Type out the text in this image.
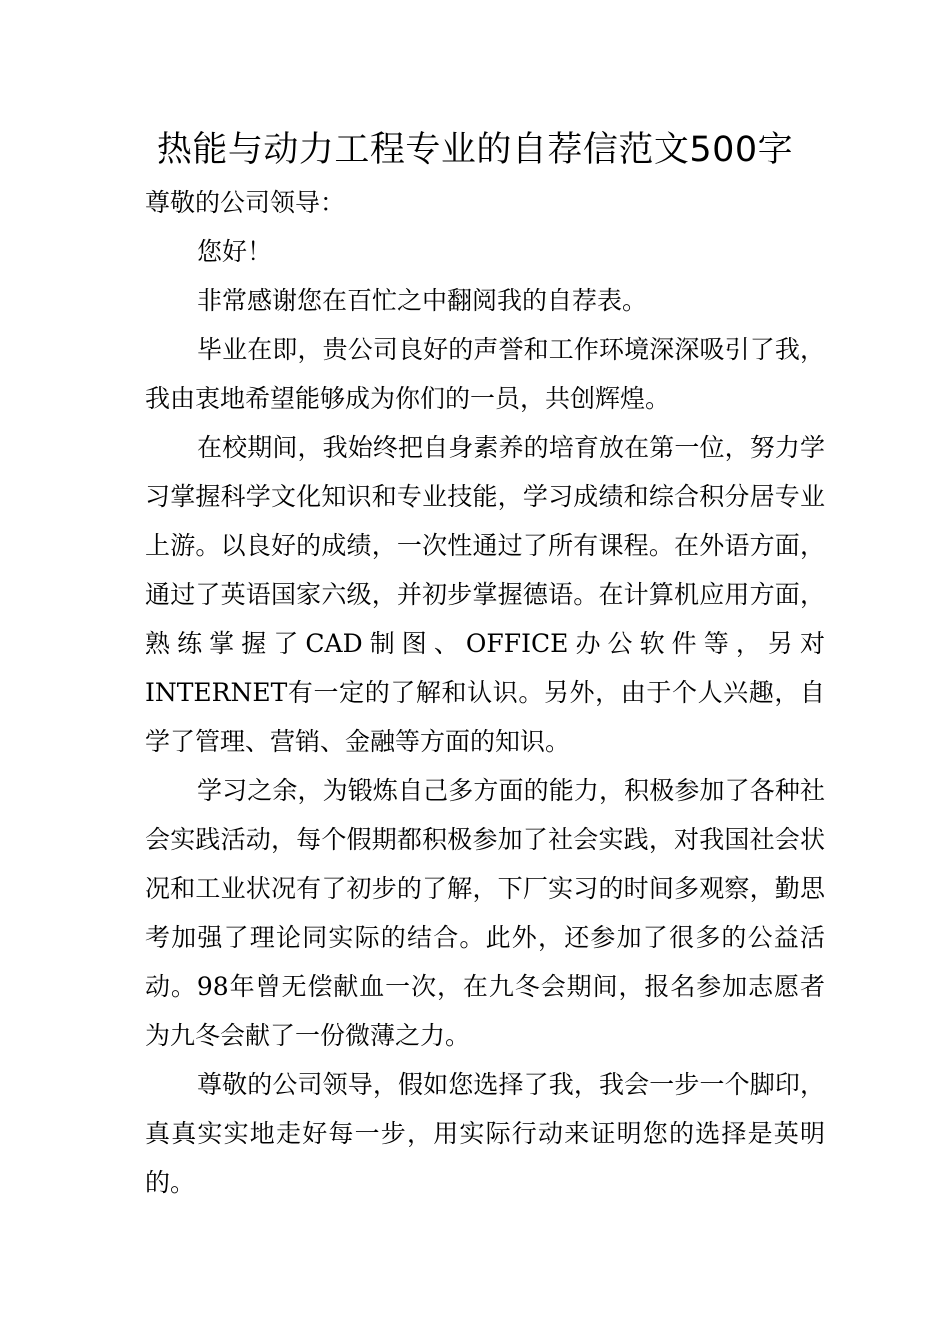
热能与动力工程专业的自荐信范文500字

尊敬的公司领导：

您好！

非常感谢您在百忙之中翻阅我的自荐表。

毕业在即，贵公司良好的声誉和工作环境深深吸引了我，我由衷地希望能够成为你们的一员，共创辉煌。

在校期间，我始终把自身素养的培育放在第一位，努力学习掌握科学文化知识和专业技能，学习成绩和综合积分居专业上游。以良好的成绩，一次性通过了所有课程。在外语方面，通过了英语国家六级，并初步掌握德语。在计算机应用方面，熟练掌握了CAD制图、OFFICE办公软件等，另对INTERNET有一定的了解和认识。另外，由于个人兴趣，自学了管理、营销、金融等方面的知识。

学习之余，为锻炼自己多方面的能力，积极参加了各种社会实践活动，每个假期都积极参加了社会实践，对我国社会状况和工业状况有了初步的了解，下厂实习的时间多观察，勤思考加强了理论同实际的结合。此外，还参加了很多的公益活动。98年曾无偿献血一次，在九冬会期间，报名参加志愿者为九冬会献了一份微薄之力。

尊敬的公司领导，假如您选择了我，我会一步一个脚印，真真实实地走好每一步，用实际行动来证明您的选择是英明的。
